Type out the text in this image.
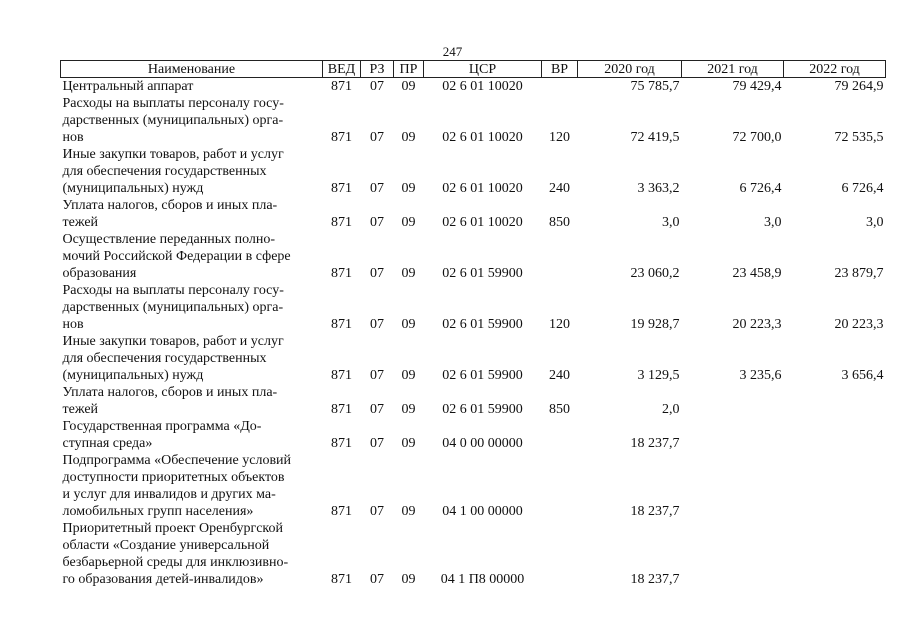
247
Наименование	ВЕД	РЗ	ПР	ЦСР	ВР	2020 год	2021 год	2022 год

Центральный аппарат	871	07	09	02 6 01 10020		75 785,7	79 429,4	79 264,9

Расходы на выплаты персоналу госу-
дарственных (муниципальных) орга-
нов	871	07	09	02 6 01 10020	120	72 419,5	72 700,0	72 535,5

Иные закупки товаров, работ и услуг
для обеспечения государственных
(муниципальных) нужд	871	07	09	02 6 01 10020	240	3 363,2	6 726,4	6 726,4

Уплата налогов, сборов и иных пла-
тежей	871	07	09	02 6 01 10020	850	3,0	3,0	3,0

Осуществление переданных полно-
мочий Российской Федерации в сфере
образования	871	07	09	02 6 01 59900		23 060,2	23 458,9	23 879,7

Расходы на выплаты персоналу госу-
дарственных (муниципальных) орга-
нов	871	07	09	02 6 01 59900	120	19 928,7	20 223,3	20 223,3

Иные закупки товаров, работ и услуг
для обеспечения государственных
(муниципальных) нужд	871	07	09	02 6 01 59900	240	3 129,5	3 235,6	3 656,4

Уплата налогов, сборов и иных пла-
тежей	871	07	09	02 6 01 59900	850	2,0		

Государственная программа «До-
ступная среда»	871	07	09	04 0 00 00000		18 237,7		

Подпрограмма «Обеспечение условий
доступности приоритетных объектов
и услуг для инвалидов и других ма-
ломобильных групп населения»	871	07	09	04 1 00 00000		18 237,7		

Приоритетный проект Оренбургской
области «Создание универсальной
безбарьерной среды для инклюзивно-
го образования детей-инвалидов»	871	07	09	04 1 П8 00000		18 237,7		
